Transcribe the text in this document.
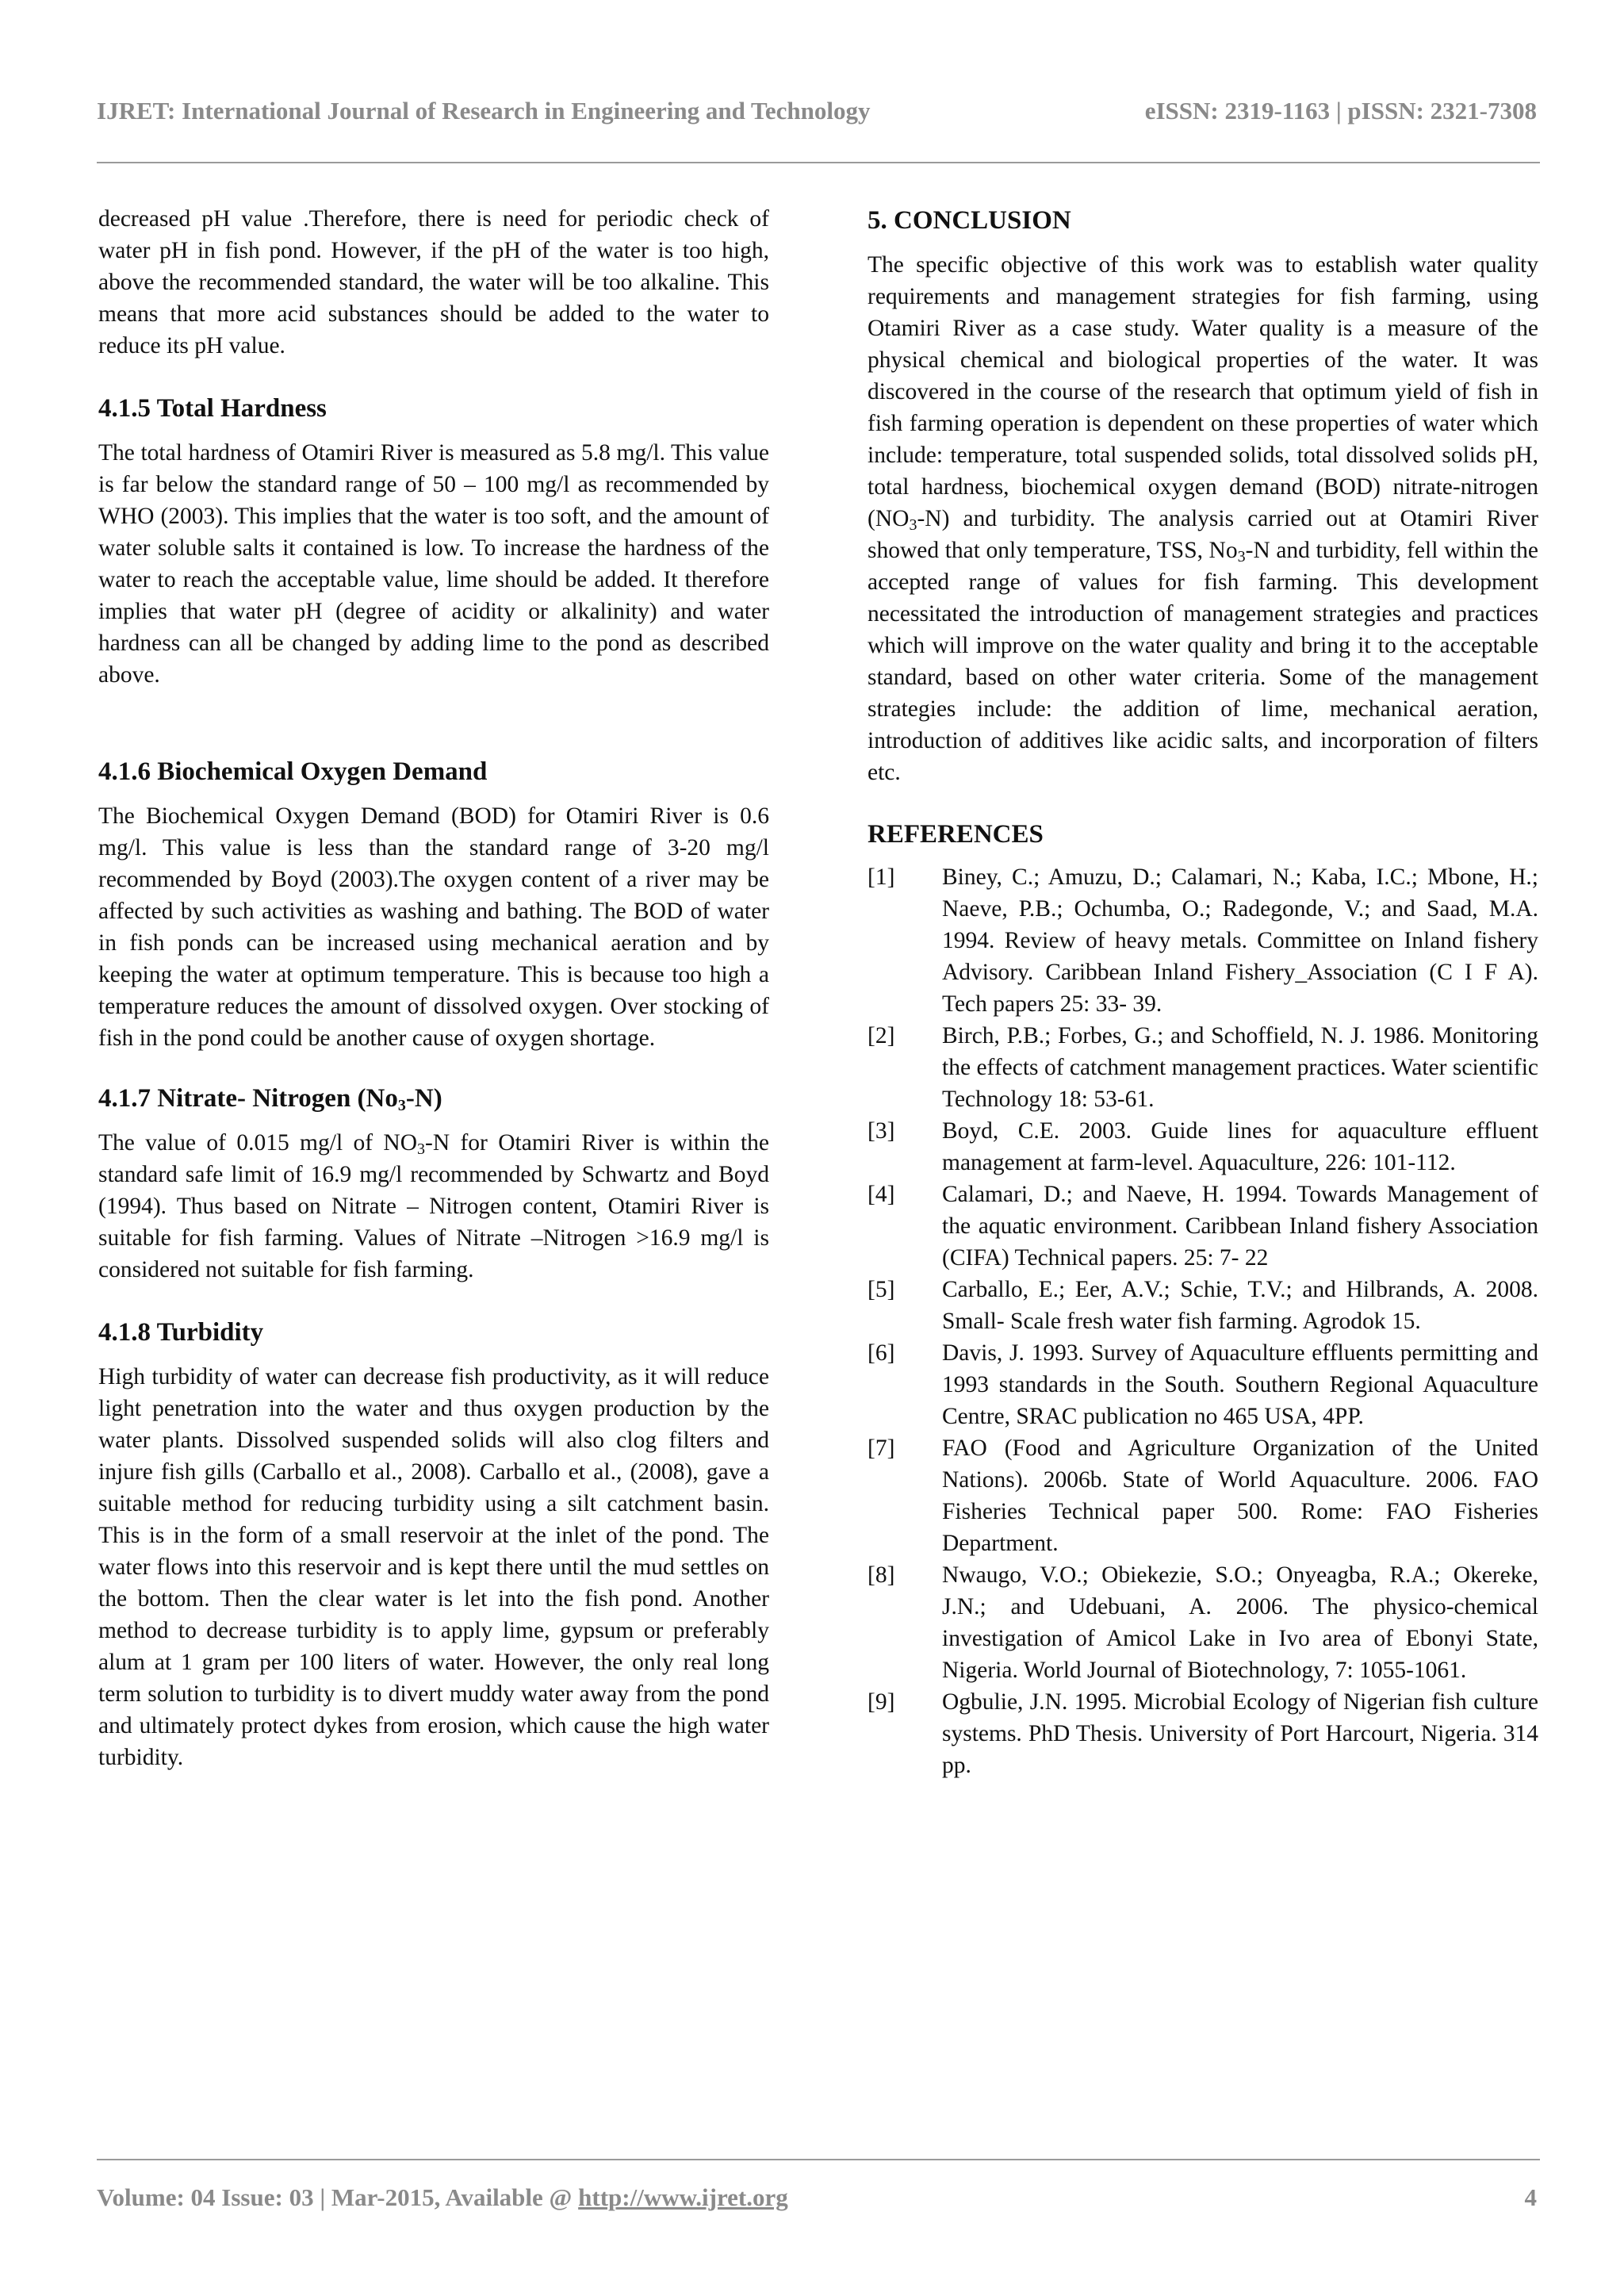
IJRET: International Journal of Research in Engineering and Technology	eISSN: 2319-1163 | pISSN: 2321-7308

decreased pH value .Therefore, there is need for periodic check of water pH in fish pond. However, if the pH of the water is too high, above the recommended standard, the water will be too alkaline. This means that more acid substances should be added to the water to reduce its pH value.

4.1.5 Total Hardness

The total hardness of Otamiri River is measured as 5.8 mg/l. This value is far below the standard range of 50 – 100 mg/l as recommended by WHO (2003). This implies that the water is too soft, and the amount of water soluble salts it contained is low. To increase the hardness of the water to reach the acceptable value, lime should be added. It therefore implies that water pH (degree of acidity or alkalinity) and water hardness can all be changed by adding lime to the pond as described above.

4.1.6 Biochemical Oxygen Demand

The Biochemical Oxygen Demand (BOD) for Otamiri River is 0.6 mg/l. This value is less than the standard range of 3-20 mg/l recommended by Boyd (2003).The oxygen content of a river may be affected by such activities as washing and bathing. The BOD of water in fish ponds can be increased using mechanical aeration and by keeping the water at optimum temperature. This is because too high a temperature reduces the amount of dissolved oxygen. Over stocking of fish in the pond could be another cause of oxygen shortage.

4.1.7 Nitrate- Nitrogen $(No_3-N)$

The value of 0.015 mg/l of $NO_3-N$ for Otamiri River is within the standard safe limit of 16.9 mg/l recommended by Schwartz and Boyd (1994). Thus based on Nitrate – Nitrogen content, Otamiri River is suitable for fish farming. Values of Nitrate –Nitrogen >16.9 mg/l is considered not suitable for fish farming.

4.1.8 Turbidity

High turbidity of water can decrease fish productivity, as it will reduce light penetration into the water and thus oxygen production by the water plants. Dissolved suspended solids will also clog filters and injure fish gills (Carballo et al., 2008). Carballo et al., (2008), gave a suitable method for reducing turbidity using a silt catchment basin. This is in the form of a small reservoir at the inlet of the pond. The water flows into this reservoir and is kept there until the mud settles on the bottom. Then the clear water is let into the fish pond. Another method to decrease turbidity is to apply lime, gypsum or preferably alum at 1 gram per 100 liters of water. However, the only real long term solution to turbidity is to divert muddy water away from the pond and ultimately protect dykes from erosion, which cause the high water turbidity.

5. CONCLUSION

The specific objective of this work was to establish water quality requirements and management strategies for fish farming, using Otamiri River as a case study. Water quality is a measure of the physical chemical and biological properties of the water. It was discovered in the course of the research that optimum yield of fish in fish farming operation is dependent on these properties of water which include: temperature, total suspended solids, total dissolved solids pH, total hardness, biochemical oxygen demand (BOD) nitrate-nitrogen $(NO_3-N)$ and turbidity. The analysis carried out at Otamiri River showed that only temperature, TSS, $No_3-N$ and turbidity, fell within the accepted range of values for fish farming. This development necessitated the introduction of management strategies and practices which will improve on the water quality and bring it to the acceptable standard, based on other water criteria. Some of the management strategies include: the addition of lime, mechanical aeration, introduction of additives like acidic salts, and incorporation of filters etc.

REFERENCES
[1] Biney, C.; Amuzu, D.; Calamari, N.; Kaba, I.C.; Mbone, H.; Naeve, P.B.; Ochumba, O.; Radegonde, V.; and Saad, M.A. 1994. Review of heavy metals. Committee on Inland fishery Advisory. Caribbean Inland Fishery_Association (C I F A). Tech papers 25: 33- 39.
[2] Birch, P.B.; Forbes, G.; and Schoffield, N. J. 1986. Monitoring the effects of catchment management practices. Water scientific Technology 18: 53-61.
[3] Boyd, C.E. 2003. Guide lines for aquaculture effluent management at farm-level. Aquaculture, 226: 101-112.
[4] Calamari, D.; and Naeve, H. 1994. Towards Management of the aquatic environment. Caribbean Inland fishery Association (CIFA) Technical papers. 25: 7- 22
[5] Carballo, E.; Eer, A.V.; Schie, T.V.; and Hilbrands, A. 2008. Small- Scale fresh water fish farming. Agrodok 15.
[6] Davis, J. 1993. Survey of Aquaculture effluents permitting and 1993 standards in the South. Southern Regional Aquaculture Centre, SRAC publication no 465 USA, 4PP.
[7] FAO (Food and Agriculture Organization of the United Nations). 2006b. State of World Aquaculture. 2006. FAO Fisheries Technical paper 500. Rome: FAO Fisheries Department.
[8] Nwaugo, V.O.; Obiekezie, S.O.; Onyeagba, R.A.; Okereke, J.N.; and Udebuani, A. 2006. The physico-chemical investigation of Amicol Lake in Ivo area of Ebonyi State, Nigeria. World Journal of Biotechnology, 7: 1055-1061.
[9] Ogbulie, J.N. 1995. Microbial Ecology of Nigerian fish culture systems. PhD Thesis. University of Port Harcourt, Nigeria. 314 pp.
Volume: 04 Issue: 03 | Mar-2015, Available @ http://www.ijret.org	4
